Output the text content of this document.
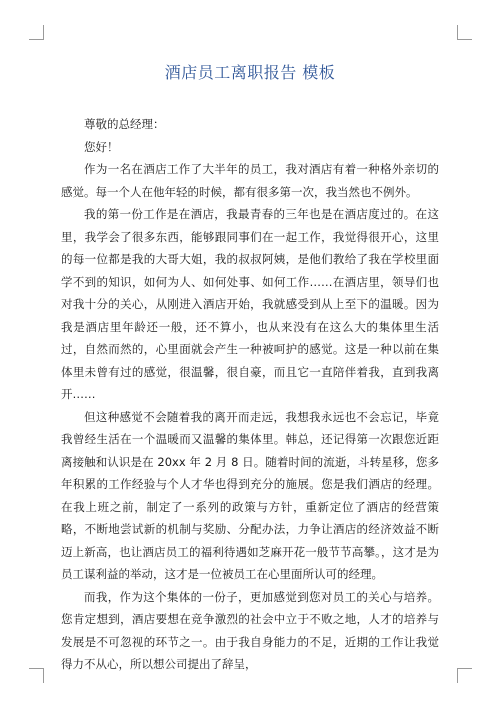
酒店员工离职报告 模板

尊敬的总经理：

您好！

作为一名在酒店工作了大半年的员工，我对酒店有着一种格外亲切的感觉。每一个人在他年轻的时候，都有很多第一次，我当然也不例外。

我的第一份工作是在酒店，我最青春的三年也是在酒店度过的。在这里，我学会了很多东西，能够跟同事们在一起工作，我觉得很开心，这里的每一位都是我的大哥大姐，我的叔叔阿姨，是他们教给了我在学校里面学不到的知识，如何为人、如何处事、如何工作……在酒店里，领导们也对我十分的关心，从刚进入酒店开始，我就感受到从上至下的温暖。因为我是酒店里年龄还一般，还不算小，也从来没有在这么大的集体里生活过，自然而然的，心里面就会产生一种被呵护的感觉。这是一种以前在集体里未曾有过的感觉，很温馨，很自豪，而且它一直陪伴着我，直到我离开……

但这种感觉不会随着我的离开而走远，我想我永远也不会忘记，毕竟我曾经生活在一个温暖而又温馨的集体里。韩总，还记得第一次跟您近距离接触和认识是在 20xx 年 2 月 8 日。随着时间的流逝，斗转星移，您多年积累的工作经验与个人才华也得到充分的施展。您是我们酒店的经理。在我上班之前，制定了一系列的政策与方针，重新定位了酒店的经营策略，不断地尝试新的机制与奖励、分配办法，力争让酒店的经济效益不断迈上新高，也让酒店员工的福利待遇如芝麻开花一般节节高攀。，这才是为员工谋利益的举动，这才是一位被员工在心里面所认可的经理。

而我，作为这个集体的一份子，更加感觉到您对员工的关心与培养。您肯定想到，酒店要想在竞争激烈的社会中立于不败之地，人才的培养与发展是不可忽视的环节之一。由于我自身能力的不足，近期的工作让我觉得力不从心，所以想公司提出了辞呈，
